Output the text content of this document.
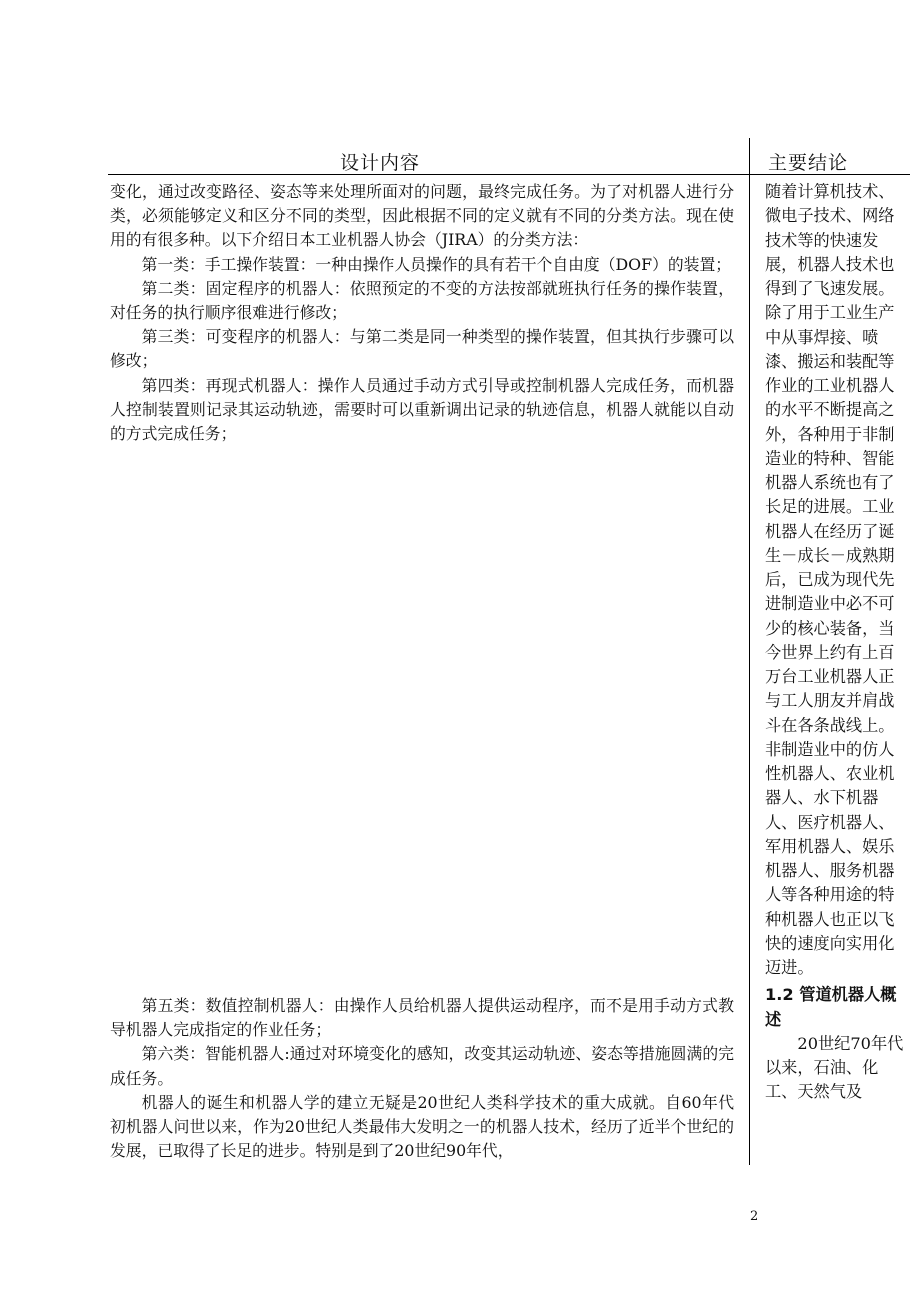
设计内容	主要结论

变化，通过改变路径、姿态等来处理所面对的问题，最终完成任务。为了对机器人进行分类，必须能够定义和区分不同的类型，因此根据不同的定义就有不同的分类方法。现在使用的有很多种。以下介绍日本工业机器人协会（JIRA）的分类方法：

第一类：手工操作装置：一种由操作人员操作的具有若干个自由度（DOF）的装置；

第二类：固定程序的机器人：依照预定的不变的方法按部就班执行任务的操作装置，对任务的执行顺序很难进行修改；

第三类：可变程序的机器人：与第二类是同一种类型的操作装置，但其执行步骤可以修改；

第四类：再现式机器人：操作人员通过手动方式引导或控制机器人完成任务，而机器人控制装置则记录其运动轨迹，需要时可以重新调出记录的轨迹信息，机器人就能以自动的方式完成任务；

第五类：数值控制机器人：由操作人员给机器人提供运动程序，而不是用手动方式教导机器人完成指定的作业任务；

第六类：智能机器人:通过对环境变化的感知，改变其运动轨迹、姿态等措施圆满的完成任务。

机器人的诞生和机器人学的建立无疑是20世纪人类科学技术的重大成就。自60年代初机器人问世以来，作为20世纪人类最伟大发明之一的机器人技术，经历了近半个世纪的发展，已取得了长足的进步。特别是到了20世纪90年代，

随着计算机技术、微电子技术、网络技术等的快速发展，机器人技术也得到了飞速发展。除了用于工业生产中从事焊接、喷漆、搬运和装配等作业的工业机器人的水平不断提高之外，各种用于非制造业的特种、智能机器人系统也有了长足的进展。工业机器人在经历了诞生－成长－成熟期后，已成为现代先进制造业中必不可少的核心装备，当今世界上约有上百万台工业机器人正与工人朋友并肩战斗在各条战线上。非制造业中的仿人性机器人、农业机器人、水下机器人、医疗机器人、军用机器人、娱乐机器人、服务机器人等各种用途的特种机器人也正以飞快的速度向实用化迈进。

1.2 管道机器人概述

20世纪70年代以来，石油、化工、天然气及

2
